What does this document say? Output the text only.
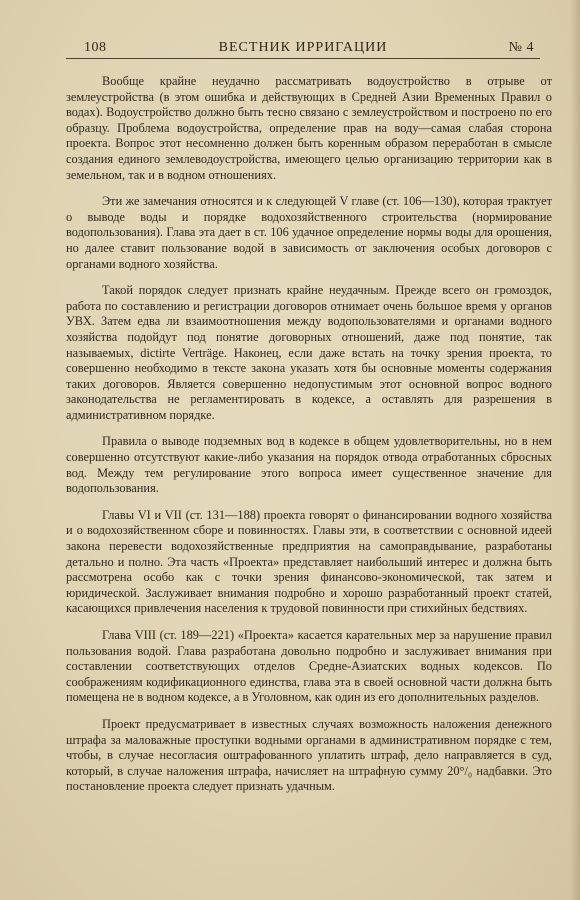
108	ВЕСТНИК ИРРИГАЦИИ	№ 4

Вообще крайне неудачно рассматривать водоустройство в отрыве от землеустройства (в этом ошибка и действующих в Средней Азии Временных Правил о водах). Водоустройство должно быть тесно связано с землеустройством и построено по его образцу. Проблема водоустройства, определение прав на воду—самая слабая сторона проекта. Вопрос этот несомненно должен быть коренным образом переработан в смысле создания единого землеводоустройства, имеющего целью организацию территории как в земельном, так и в водном отношениях.

Эти же замечания относятся и к следующей V главе (ст. 106—130), которая трактует о выводе воды и порядке водохозяйственного строительства (нормирование водопользования). Глава эта дает в ст. 106 удачное определение нормы воды для орошения, но далее ставит пользование водой в зависимость от заключения особых договоров с органами водного хозяйства.

Такой порядок следует признать крайне неудачным. Прежде всего он громоздок, работа по составлению и регистрации договоров отнимает очень большое время у органов УВХ. Затем едва ли взаимоотношения между водопользователями и органами водного хозяйства подойдут под понятие договорных отношений, даже под понятие, так называемых, dictirte Verträge. Наконец, если даже встать на точку зрения проекта, то совершенно необходимо в тексте закона указать хотя бы основные моменты содержания таких договоров. Является совершенно недопустимым этот основной вопрос водного законодательства не регламентировать в кодексе, а оставлять для разрешения в административном порядке.

Правила о выводе подземных вод в кодексе в общем удовлетворительны, но в нем совершенно отсутствуют какие-либо указания на порядок отвода отработанных сбросных вод. Между тем регулирование этого вопроса имеет существенное значение для водопользования.

Главы VI и VII (ст. 131—188) проекта говорят о финансировании водного хозяйства и о водохозяйственном сборе и повинностях. Главы эти, в соответствии с основной идеей закона перевести водохозяйственные предприятия на самоправдывание, разработаны детально и полно. Эта часть «Проекта» представляет наибольший интерес и должна быть рассмотрена особо как с точки зрения финансово-экономической, так затем и юридической. Заслуживает внимания подробно и хорошо разработанный проект статей, касающихся привлечения населения к трудовой повинности при стихийных бедствиях.

Глава VIII (ст. 189—221) «Проекта» касается карательных мер за нарушение правил пользования водой. Глава разработана довольно подробно и заслуживает внимания при составлении соответствующих отделов Средне-Азиатских водных кодексов. По соображениям кодификационного единства, глава эта в своей основной части должна быть помещена не в водном кодексе, а в Уголовном, как один из его дополнительных разделов.

Проект предусматривает в известных случаях возможность наложения денежного штрафа за маловажные проступки водными органами в административном порядке с тем, чтобы, в случае несогласия оштрафованного уплатить штраф, дело направляется в суд, который, в случае наложения штрафа, начисляет на штрафную сумму 20°/₀ надбавки. Это постановление проекта следует признать удачным.
